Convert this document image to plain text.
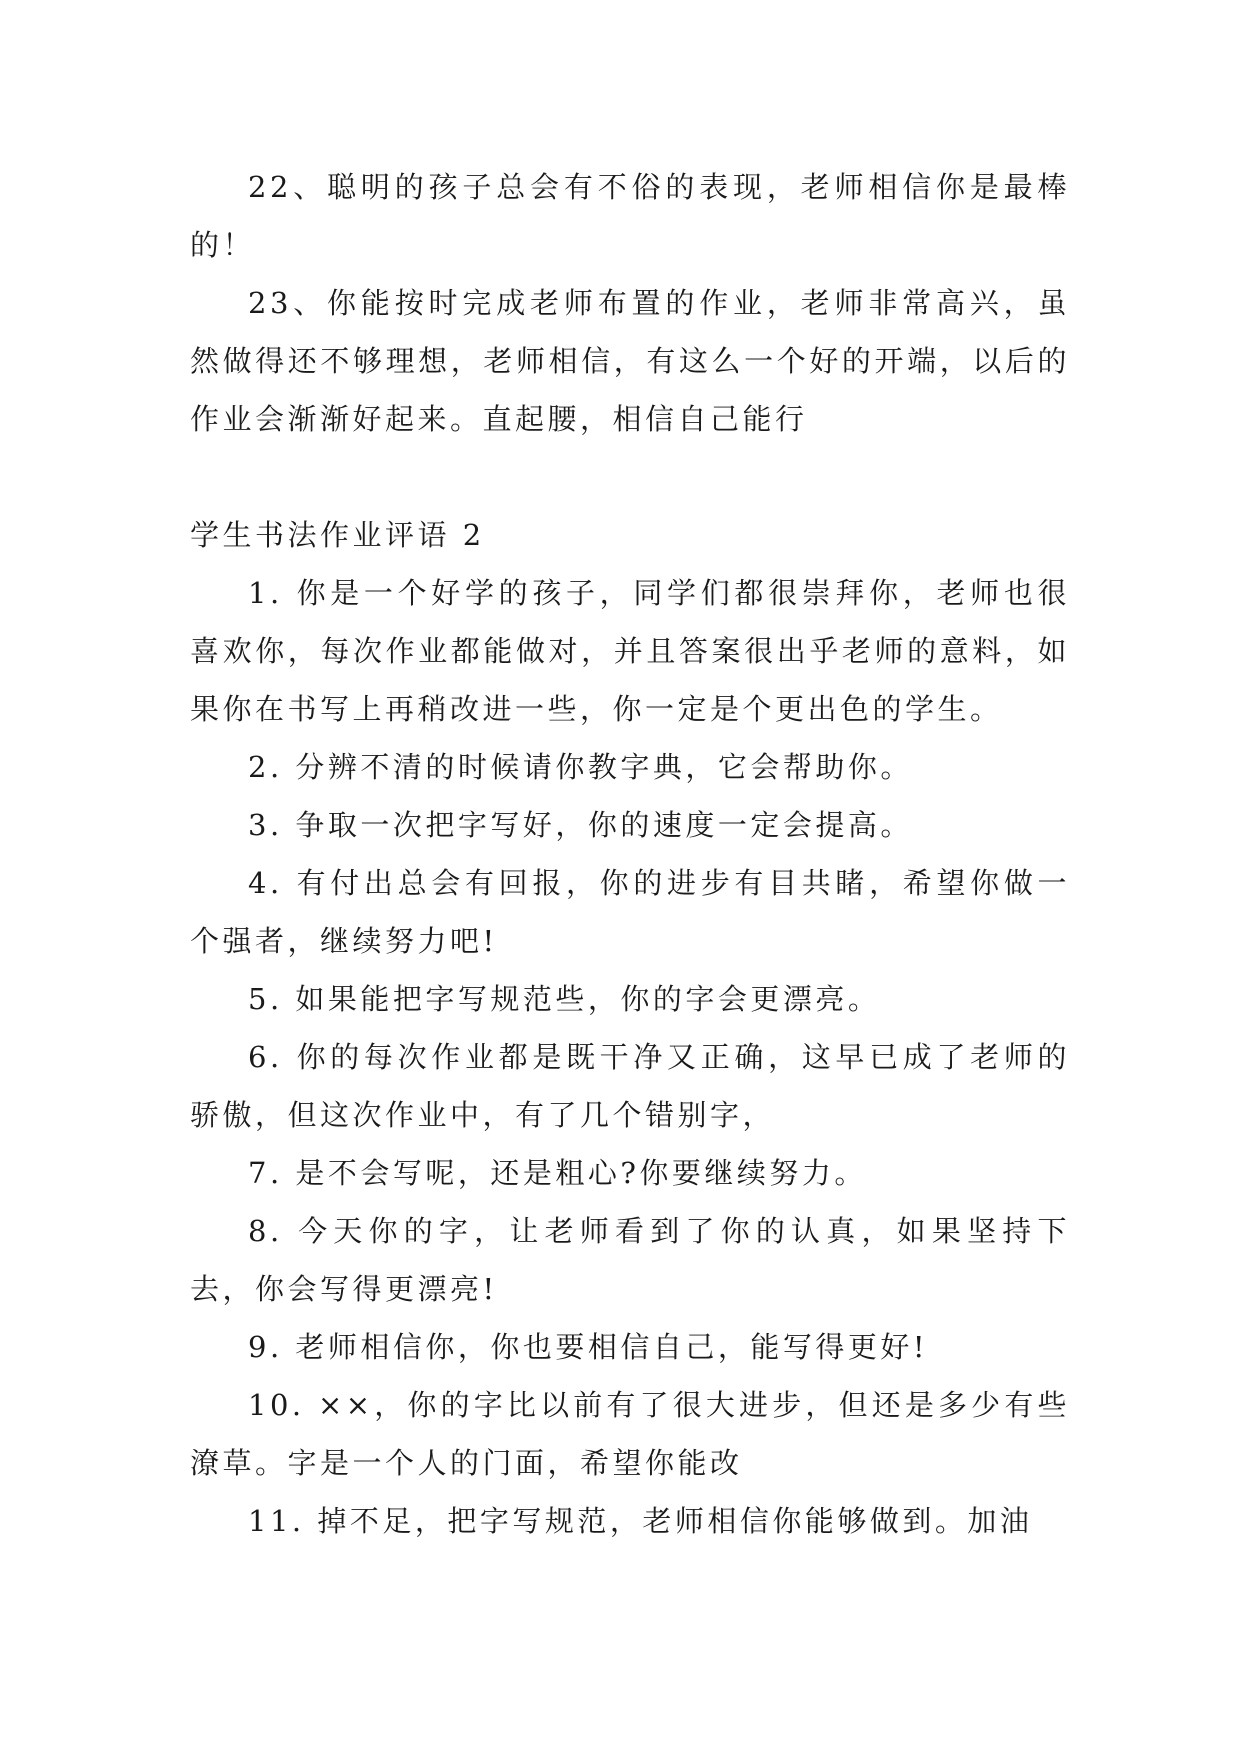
22、聪明的孩子总会有不俗的表现，老师相信你是最棒的！

23、你能按时完成老师布置的作业，老师非常高兴，虽然做得还不够理想，老师相信，有这么一个好的开端，以后的作业会渐渐好起来。直起腰，相信自己能行

学生书法作业评语 2

1. 你是一个好学的孩子，同学们都很崇拜你，老师也很喜欢你，每次作业都能做对，并且答案很出乎老师的意料，如果你在书写上再稍改进一些，你一定是个更出色的学生。

2. 分辨不清的时候请你教字典，它会帮助你。

3. 争取一次把字写好，你的速度一定会提高。

4. 有付出总会有回报，你的进步有目共睹，希望你做一个强者，继续努力吧!

5. 如果能把字写规范些，你的字会更漂亮。

6. 你的每次作业都是既干净又正确，这早已成了老师的骄傲，但这次作业中，有了几个错别字，

7. 是不会写呢，还是粗心?你要继续努力。

8. 今天你的字，让老师看到了你的认真，如果坚持下去，你会写得更漂亮!

9. 老师相信你，你也要相信自己，能写得更好!

10. ××，你的字比以前有了很大进步，但还是多少有些潦草。字是一个人的门面，希望你能改

11. 掉不足，把字写规范，老师相信你能够做到。加油
